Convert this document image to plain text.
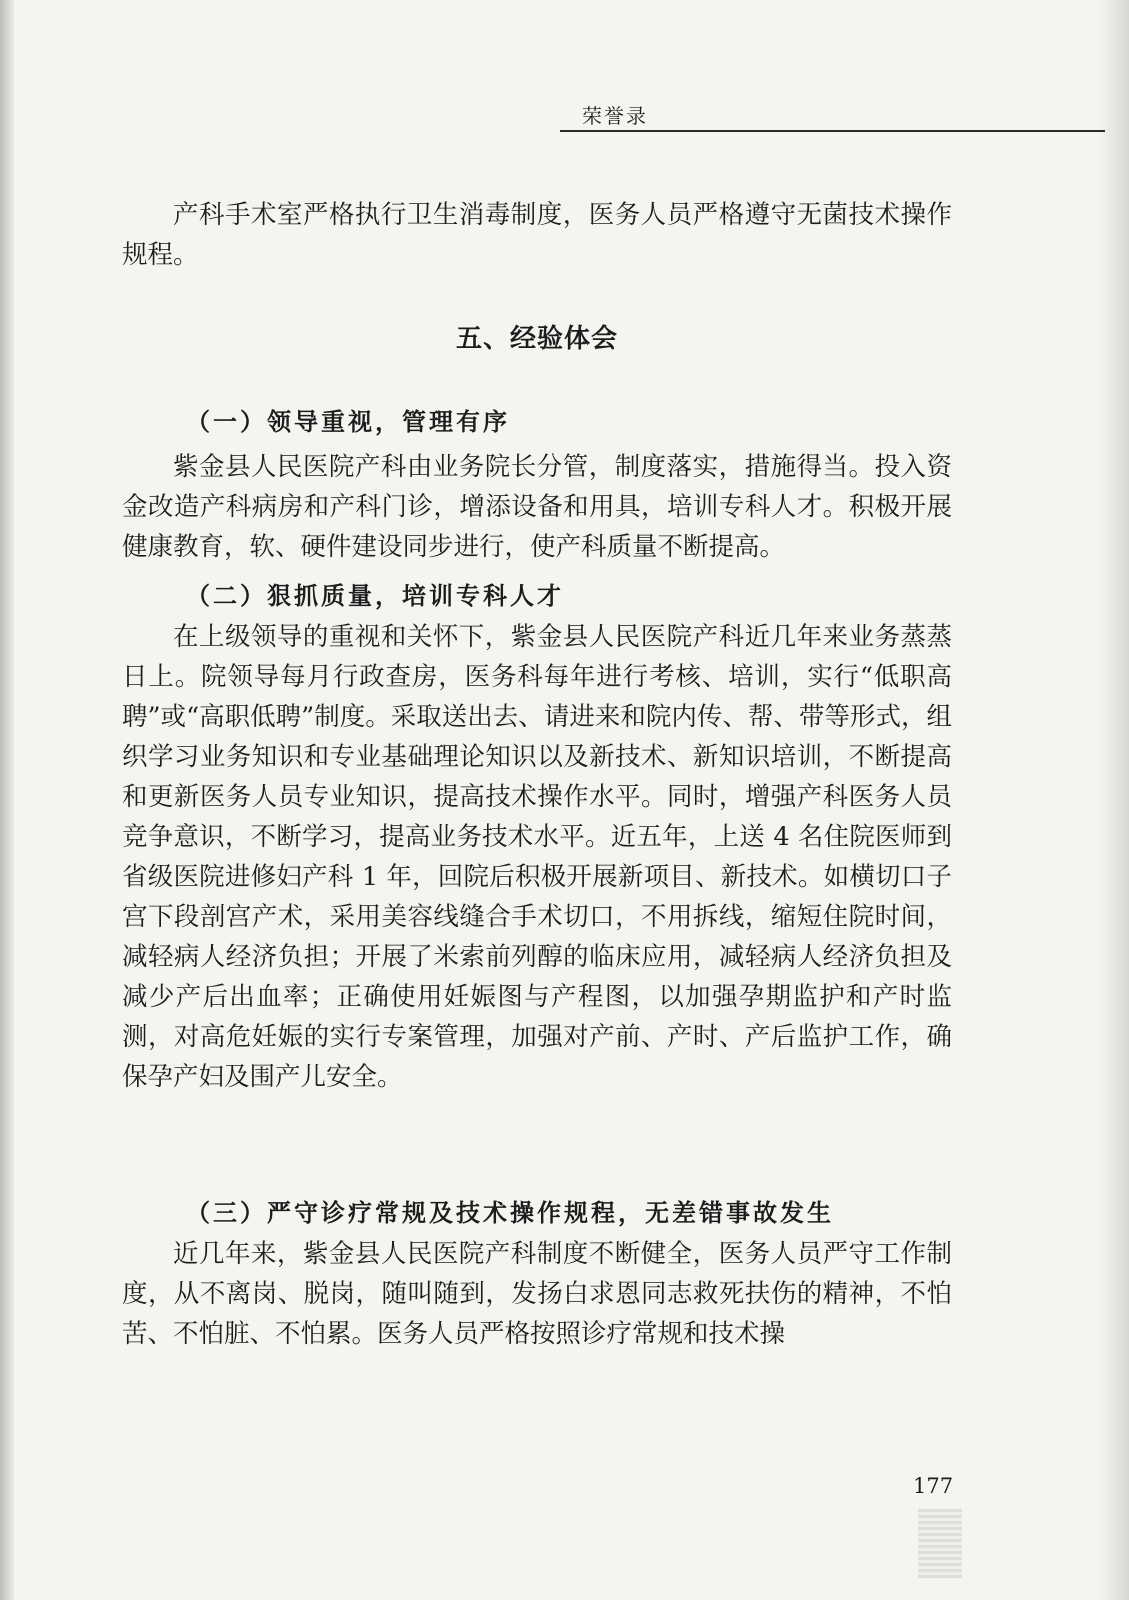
荣誉录

产科手术室严格执行卫生消毒制度，医务人员严格遵守无菌技术操作规程。

五、经验体会
（一）领导重视，管理有序

紫金县人民医院产科由业务院长分管，制度落实，措施得当。投入资金改造产科病房和产科门诊，增添设备和用具，培训专科人才。积极开展健康教育，软、硬件建设同步进行，使产科质量不断提高。

（二）狠抓质量，培训专科人才

在上级领导的重视和关怀下，紫金县人民医院产科近几年来业务蒸蒸日上。院领导每月行政查房，医务科每年进行考核、培训，实行“低职高聘”或“高职低聘”制度。采取送出去、请进来和院内传、帮、带等形式，组织学习业务知识和专业基础理论知识以及新技术、新知识培训，不断提高和更新医务人员专业知识，提高技术操作水平。同时，增强产科医务人员竞争意识，不断学习，提高业务技术水平。近五年，上送 4 名住院医师到省级医院进修妇产科 1 年，回院后积极开展新项目、新技术。如横切口子宫下段剖宫产术，采用美容线缝合手术切口，不用拆线，缩短住院时间，减轻病人经济负担；开展了米索前列醇的临床应用，减轻病人经济负担及减少产后出血率；正确使用妊娠图与产程图，以加强孕期监护和产时监测，对高危妊娠的实行专案管理，加强对产前、产时、产后监护工作，确保孕产妇及围产儿安全。

（三）严守诊疗常规及技术操作规程，无差错事故发生

近几年来，紫金县人民医院产科制度不断健全，医务人员严守工作制度，从不离岗、脱岗，随叫随到，发扬白求恩同志救死扶伤的精神，不怕苦、不怕脏、不怕累。医务人员严格按照诊疗常规和技术操

177
